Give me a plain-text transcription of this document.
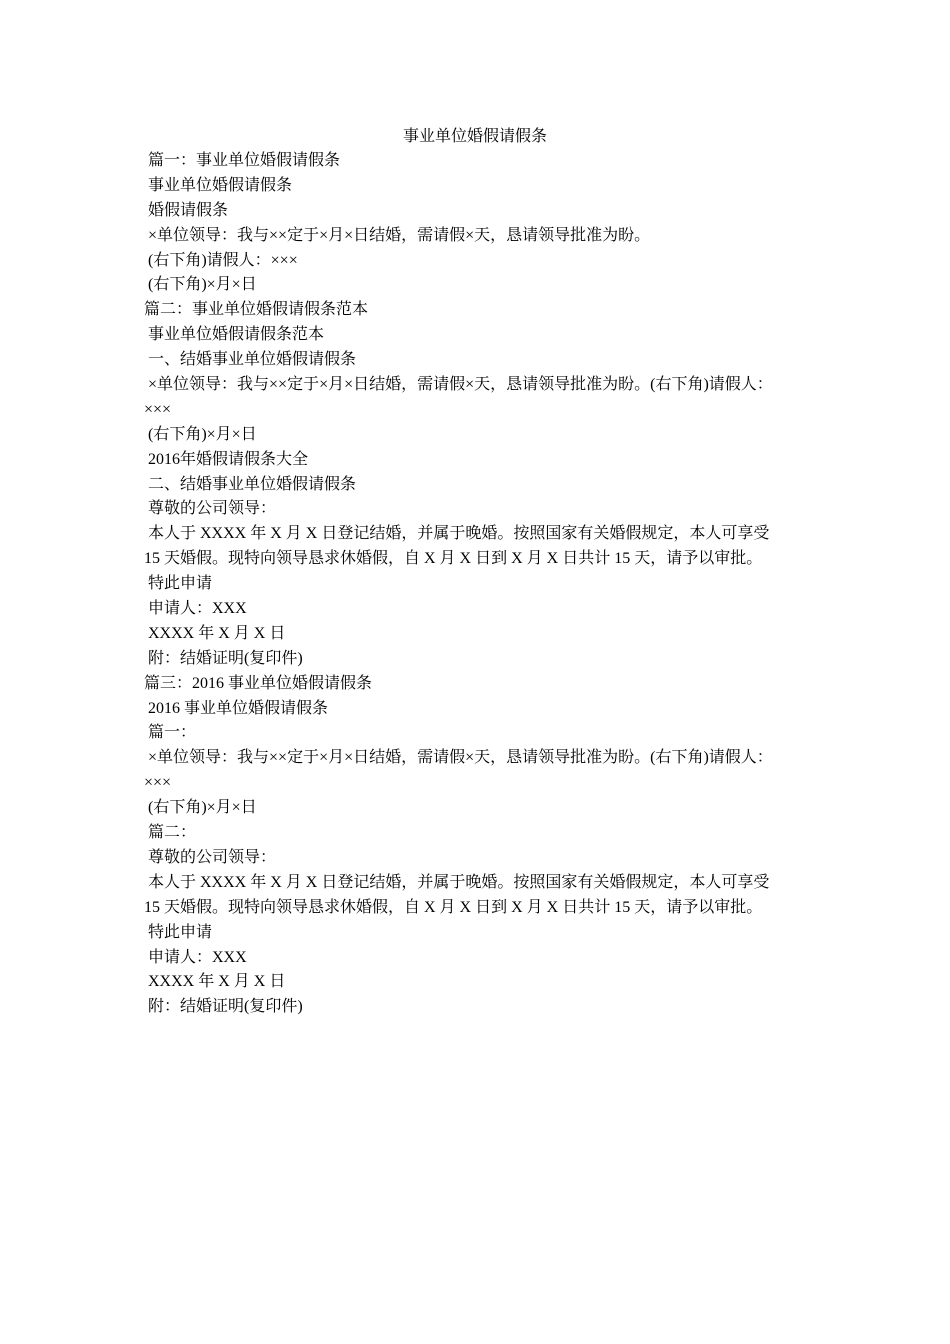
事业单位婚假请假条
篇一：事业单位婚假请假条
事业单位婚假请假条
婚假请假条
×单位领导：我与××定于×月×日结婚，需请假×天，恳请领导批准为盼。
(右下角)请假人：×××
(右下角)×月×日
篇二：事业单位婚假请假条范本
事业单位婚假请假条范本
一、结婚事业单位婚假请假条
×单位领导：我与××定于×月×日结婚，需请假×天，恳请领导批准为盼。(右下角)请假人：
×××
(右下角)×月×日
2016年婚假请假条大全
二、结婚事业单位婚假请假条
尊敬的公司领导：
本人于 XXXX 年 X 月 X 日登记结婚，并属于晚婚。按照国家有关婚假规定，本人可享受
15 天婚假。现特向领导恳求休婚假，自 X 月 X 日到 X 月 X 日共计 15 天，请予以审批。
特此申请
申请人：XXX
XXXX 年 X 月 X 日
附：结婚证明(复印件)
篇三：2016 事业单位婚假请假条
2016 事业单位婚假请假条
篇一：
×单位领导：我与××定于×月×日结婚，需请假×天，恳请领导批准为盼。(右下角)请假人：
×××
(右下角)×月×日
篇二：
尊敬的公司领导：
本人于 XXXX 年 X 月 X 日登记结婚，并属于晚婚。按照国家有关婚假规定，本人可享受
15 天婚假。现特向领导恳求休婚假，自 X 月 X 日到 X 月 X 日共计 15 天，请予以审批。
特此申请
申请人：XXX
XXXX 年 X 月 X 日
附：结婚证明(复印件)
